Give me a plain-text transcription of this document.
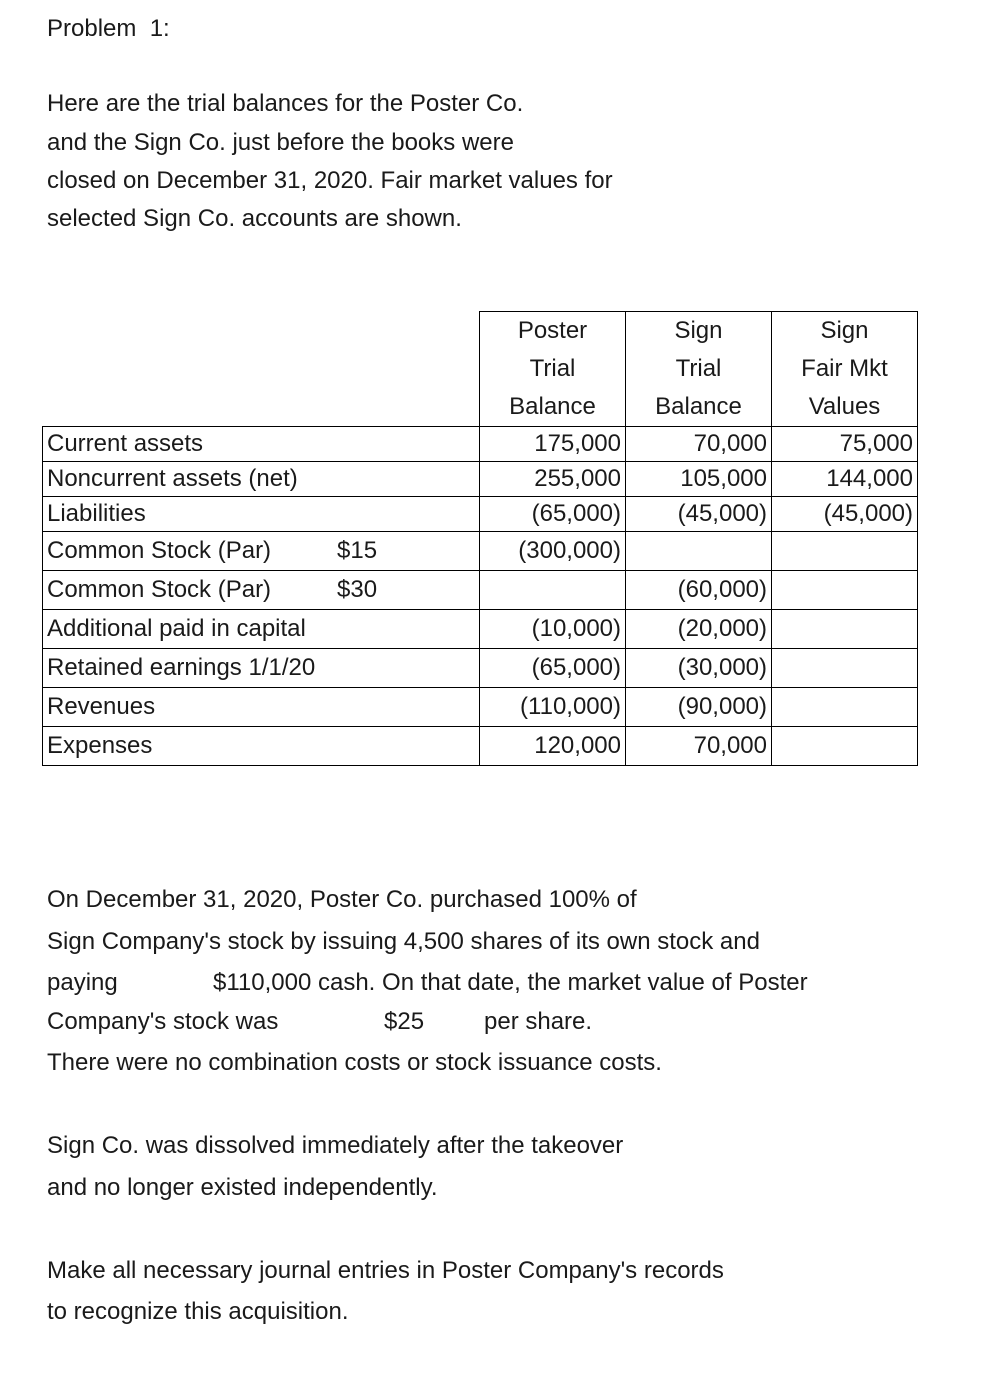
Problem  1:
Here are the trial balances for the Poster Co.
and the Sign Co. just before the books were
closed on December 31, 2020. Fair market values for
selected Sign Co. accounts are shown.
	Poster	Sign	Sign
	Trial	Trial	Fair Mkt
	Balance	Balance	Values
Current assets	175,000	70,000	75,000
Noncurrent assets (net)	255,000	105,000	144,000
Liabilities	(65,000)	(45,000)	(45,000)
Common Stock (Par) $15	(300,000)		
Common Stock (Par) $30		(60,000)	
Additional paid in capital	(10,000)	(20,000)	
Retained earnings 1/1/20	(65,000)	(30,000)	
Revenues	(110,000)	(90,000)	
Expenses	120,000	70,000	
On December 31, 2020, Poster Co. purchased 100% of
Sign Company's stock by issuing 4,500 shares of its own stock and
paying	$110,000 cash. On that date, the market value of Poster
Company's stock was	$25 per share.
There were no combination costs or stock issuance costs.
Sign Co. was dissolved immediately after the takeover
and no longer existed independently.
Make all necessary journal entries in Poster Company's records
to recognize this acquisition.
